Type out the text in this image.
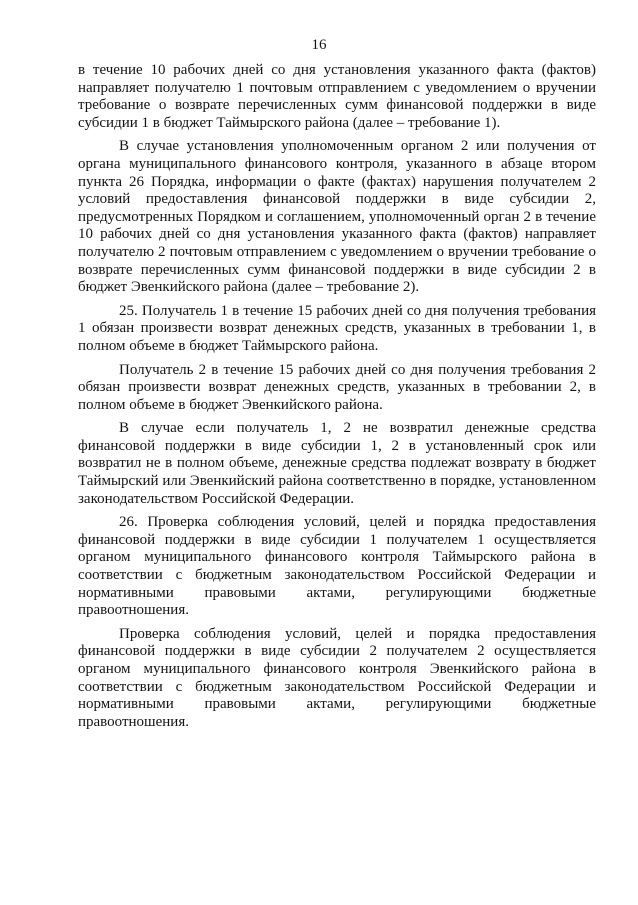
16

в течение 10 рабочих дней со дня установления указанного факта (фактов) направляет получателю 1 почтовым отправлением с уведомлением о вручении требование о возврате перечисленных сумм финансовой поддержки в виде субсидии 1 в бюджет Таймырского района (далее – требование 1).

В случае установления уполномоченным органом 2 или получения от органа муниципального финансового контроля, указанного в абзаце втором пункта 26 Порядка, информации о факте (фактах) нарушения получателем 2 условий предоставления финансовой поддержки в виде субсидии 2, предусмотренных Порядком и соглашением, уполномоченный орган 2 в течение 10 рабочих дней со дня установления указанного факта (фактов) направляет получателю 2 почтовым отправлением с уведомлением о вручении требование о возврате перечисленных сумм финансовой поддержки в виде субсидии 2 в бюджет Эвенкийского района (далее – требование 2).

25. Получатель 1 в течение 15 рабочих дней со дня получения требования 1 обязан произвести возврат денежных средств, указанных в требовании 1, в полном объеме в бюджет Таймырского района.

Получатель 2 в течение 15 рабочих дней со дня получения требования 2 обязан произвести возврат денежных средств, указанных в требовании 2, в полном объеме в бюджет Эвенкийского района.

В случае если получатель 1, 2 не возвратил денежные средства финансовой поддержки в виде субсидии 1, 2 в установленный срок или возвратил не в полном объеме, денежные средства подлежат возврату в бюджет Таймырский или Эвенкийский района соответственно в порядке, установленном законодательством Российской Федерации.

26. Проверка соблюдения условий, целей и порядка предоставления финансовой поддержки в виде субсидии 1 получателем 1 осуществляется органом муниципального финансового контроля Таймырского района в соответствии с бюджетным законодательством Российской Федерации и нормативными правовыми актами, регулирующими бюджетные правоотношения.

Проверка соблюдения условий, целей и порядка предоставления финансовой поддержки в виде субсидии 2 получателем 2 осуществляется органом муниципального финансового контроля Эвенкийского района в соответствии с бюджетным законодательством Российской Федерации и нормативными правовыми актами, регулирующими бюджетные правоотношения.
